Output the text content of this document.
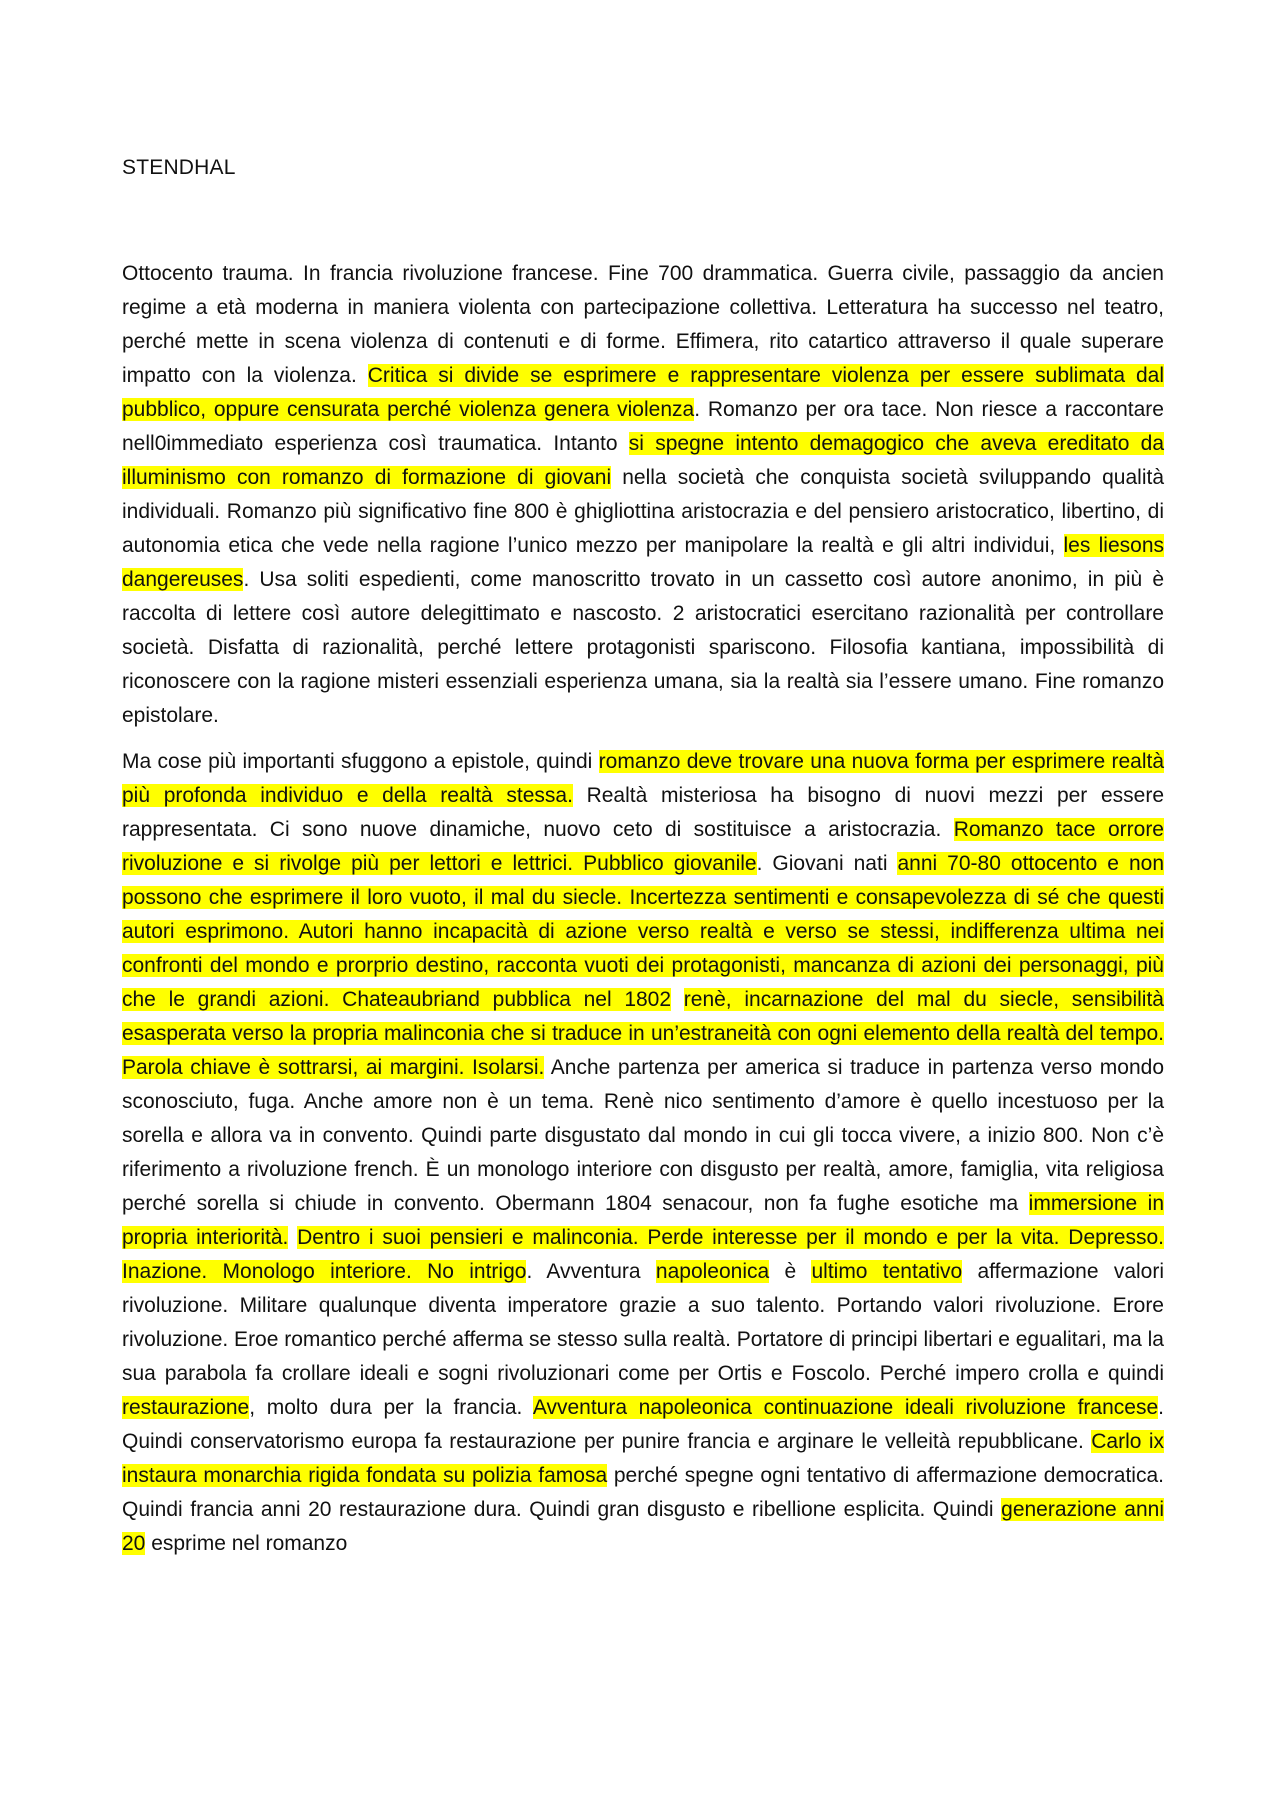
STENDHAL

Ottocento trauma. In francia rivoluzione francese. Fine 700 drammatica. Guerra civile, passaggio da ancien regime a età moderna in maniera violenta con partecipazione collettiva. Letteratura ha successo nel teatro, perché mette in scena violenza di contenuti e di forme. Effimera, rito catartico attraverso il quale superare impatto con la violenza. Critica si divide se esprimere e rappresentare violenza per essere sublimata dal pubblico, oppure censurata perché violenza genera violenza. Romanzo per ora tace. Non riesce a raccontare nell0immediato esperienza così traumatica. Intanto si spegne intento demagogico che aveva ereditato da illuminismo con romanzo di formazione di giovani nella società che conquista società sviluppando qualità individuali. Romanzo più significativo fine 800 è ghigliottina aristocrazia e del pensiero aristocratico, libertino, di autonomia etica che vede nella ragione l’unico mezzo per manipolare la realtà e gli altri individui, les liesons dangereuses. Usa soliti espedienti, come manoscritto trovato in un cassetto così autore anonimo, in più è raccolta di lettere così autore delegittimato e nascosto. 2 aristocratici esercitano razionalità per controllare società. Disfatta di razionalità, perché lettere protagonisti spariscono. Filosofia kantiana, impossibilità di riconoscere con la ragione misteri essenziali esperienza umana, sia la realtà sia l’essere umano. Fine romanzo epistolare.

Ma cose più importanti sfuggono a epistole, quindi romanzo deve trovare una nuova forma per esprimere realtà più profonda individuo e della realtà stessa. Realtà misteriosa ha bisogno di nuovi mezzi per essere rappresentata. Ci sono nuove dinamiche, nuovo ceto di sostituisce a aristocrazia. Romanzo tace orrore rivoluzione e si rivolge più per lettori e lettrici. Pubblico giovanile. Giovani nati anni 70-80 ottocento e non possono che esprimere il loro vuoto, il mal du siecle. Incertezza sentimenti e consapevolezza di sé che questi autori esprimono. Autori hanno incapacità di azione verso realtà e verso se stessi, indifferenza ultima nei confronti del mondo e prorprio destino, racconta vuoti dei protagonisti, mancanza di azioni dei personaggi, più che le grandi azioni. Chateaubriand pubblica nel 1802 renè, incarnazione del mal du siecle, sensibilità esasperata verso la propria malinconia che si traduce in un’estraneità con ogni elemento della realtà del tempo. Parola chiave è sottrarsi, ai margini. Isolarsi. Anche partenza per america si traduce in partenza verso mondo sconosciuto, fuga. Anche amore non è un tema. Renè nico sentimento d’amore è quello incestuoso per la sorella e allora va in convento. Quindi parte disgustato dal mondo in cui gli tocca vivere, a inizio 800. Non c’è riferimento a rivoluzione french. È un monologo interiore con disgusto per realtà, amore, famiglia, vita religiosa perché sorella si chiude in convento. Obermann 1804 senacour, non fa fughe esotiche ma immersione in propria interiorità. Dentro i suoi pensieri e malinconia. Perde interesse per il mondo e per la vita. Depresso. Inazione. Monologo interiore. No intrigo. Avventura napoleonica è ultimo tentativo affermazione valori rivoluzione. Militare qualunque diventa imperatore grazie a suo talento. Portando valori rivoluzione. Erore rivoluzione. Eroe romantico perché afferma se stesso sulla realtà. Portatore di principi libertari e egualitari, ma la sua parabola fa crollare ideali e sogni rivoluzionari come per Ortis e Foscolo. Perché impero crolla e quindi restaurazione, molto dura per la francia. Avventura napoleonica continuazione ideali rivoluzione francese. Quindi conservatorismo europa fa restaurazione per punire francia e arginare le velleità repubblicane. Carlo ix instaura monarchia rigida fondata su polizia famosa perché spegne ogni tentativo di affermazione democratica. Quindi francia anni 20 restaurazione dura. Quindi gran disgusto e ribellione esplicita. Quindi generazione anni 20 esprime nel romanzo
